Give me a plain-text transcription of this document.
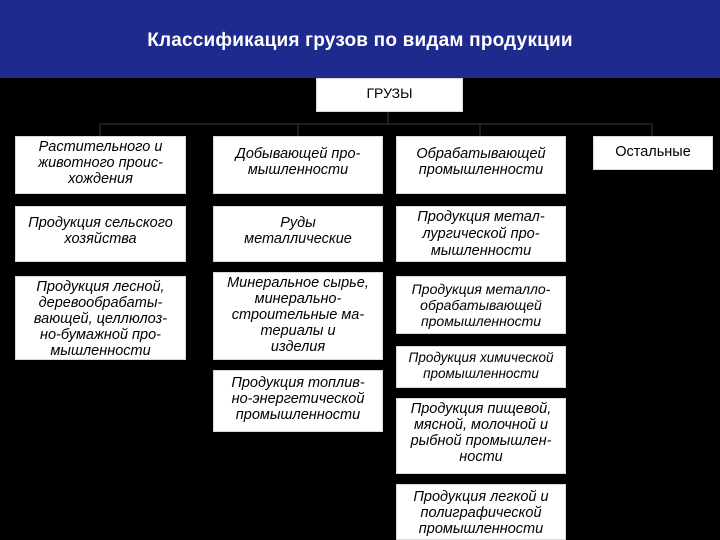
Классификация грузов по видам продукции
ГРУЗЫ
Растительного и
животного проис-
хождения
Продукция сельского
хозяйства
Продукция лесной,
деревообрабаты-
вающей, целлюлоз-
но-бумажной про-
мышленности
Добывающей про-
мышленности
Руды
металлические
Минеральное сырье,
минерально-
строительные ма-
териалы и
изделия
Продукция топлив-
но-энергетической
промышленности
Обрабатывающей
промышленности
Продукция метал-
лургической про-
мышленности
Продукция металло-
обрабатывающей
промышленности
Продукция химической
промышленности
Продукция пищевой,
мясной, молочной и
рыбной промышлен-
ности
Продукция легкой и
полиграфической
промышленности
Остальные
